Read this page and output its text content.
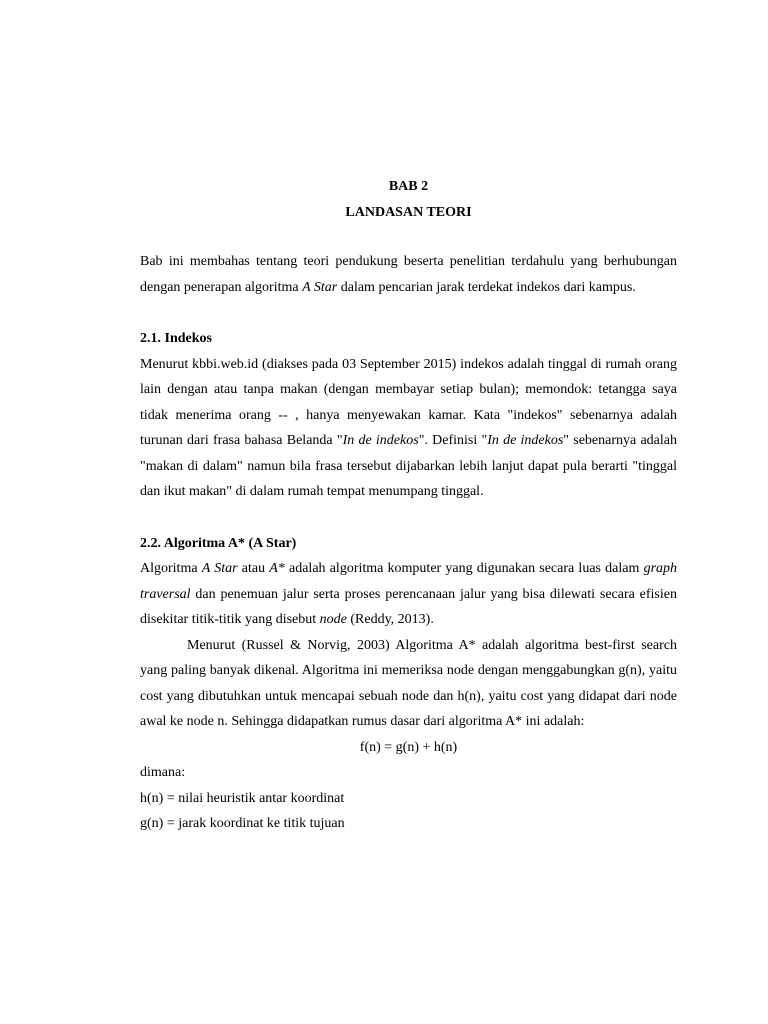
BAB 2

LANDASAN TEORI

Bab ini membahas tentang teori pendukung beserta penelitian terdahulu yang berhubungan dengan penerapan algoritma A Star dalam pencarian jarak terdekat indekos dari kampus.

2.1. Indekos

Menurut kbbi.web.id (diakses pada 03 September 2015) indekos adalah tinggal di rumah orang lain dengan atau tanpa makan (dengan membayar setiap bulan); memondok: tetangga saya tidak menerima orang -- , hanya menyewakan kamar. Kata "indekos" sebenarnya adalah turunan dari frasa bahasa Belanda "In de indekos". Definisi "In de indekos" sebenarnya adalah "makan di dalam" namun bila frasa tersebut dijabarkan lebih lanjut dapat pula berarti "tinggal dan ikut makan" di dalam rumah tempat menumpang tinggal.

2.2. Algoritma A* (A Star)

Algoritma A Star atau A* adalah algoritma komputer yang digunakan secara luas dalam graph traversal dan penemuan jalur serta proses perencanaan jalur yang bisa dilewati secara efisien disekitar titik-titik yang disebut node (Reddy, 2013).

Menurut (Russel & Norvig, 2003) Algoritma A* adalah algoritma best-first search yang paling banyak dikenal. Algoritma ini memeriksa node dengan menggabungkan g(n), yaitu cost yang dibutuhkan untuk mencapai sebuah node dan h(n), yaitu cost yang didapat dari node awal ke node n. Sehingga didapatkan rumus dasar dari algoritma A* ini adalah:

f(n) = g(n) + h(n)

dimana:

h(n) = nilai heuristik antar koordinat

g(n) = jarak koordinat ke titik tujuan
